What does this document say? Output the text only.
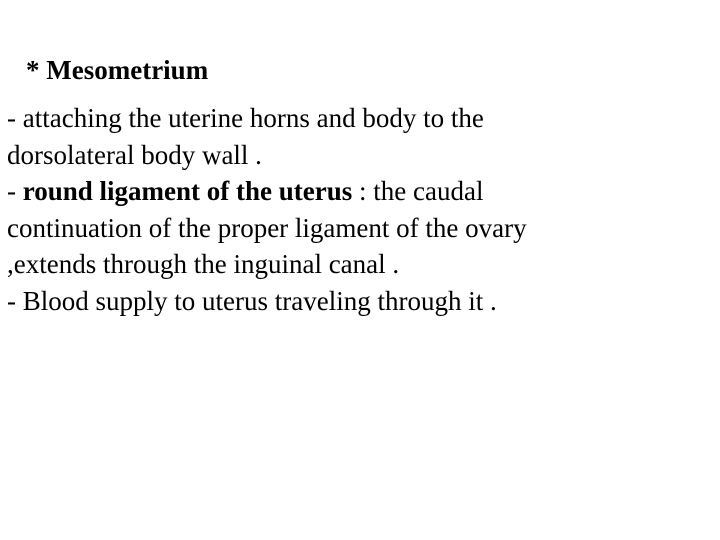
* Mesometrium
- attaching the uterine horns and body to the
dorsolateral body wall .
- round ligament of the uterus : the caudal
continuation of the proper ligament of the ovary
,extends through the inguinal canal .
- Blood supply to uterus traveling through it .
